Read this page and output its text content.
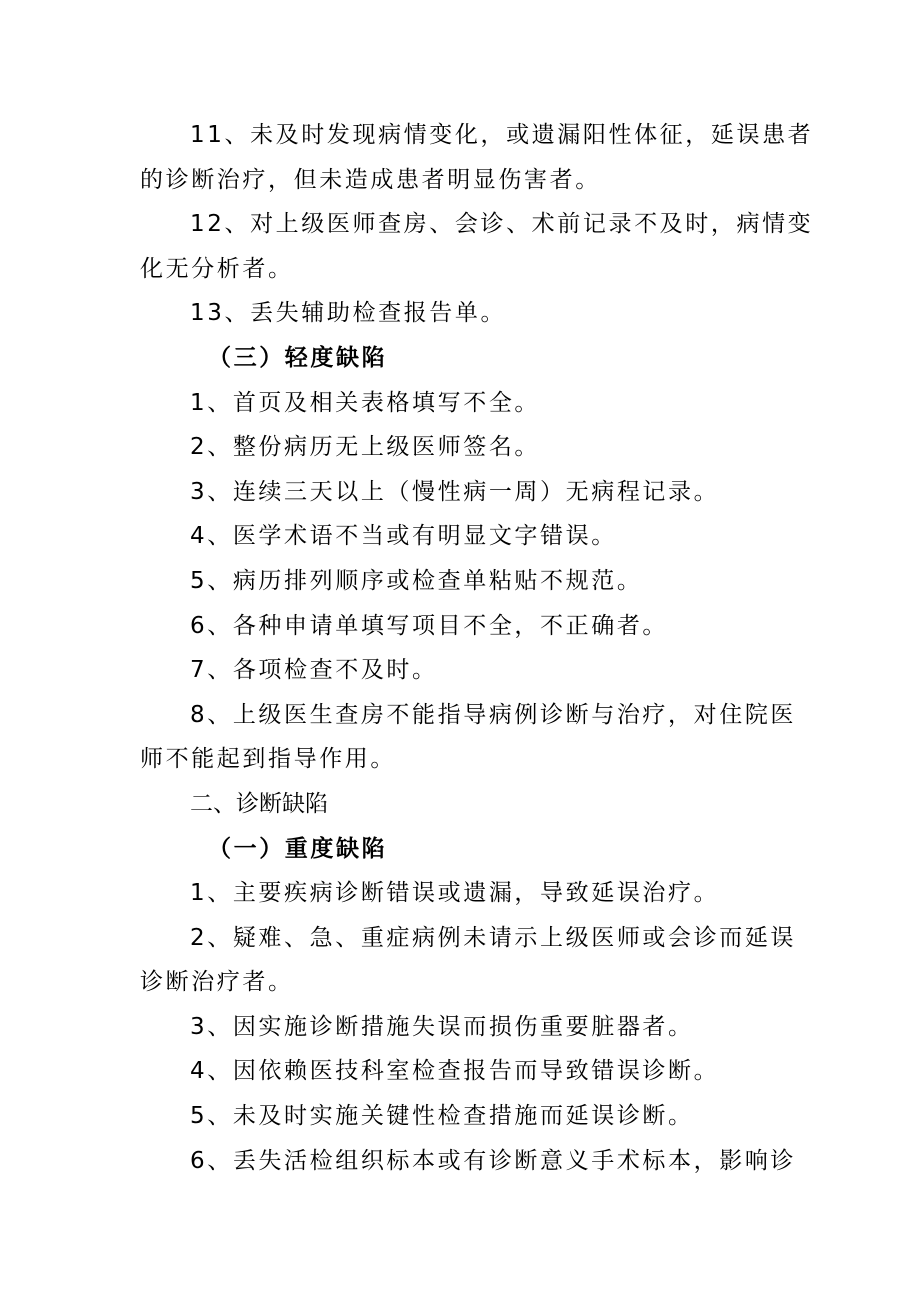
11、未及时发现病情变化，或遗漏阳性体征，延误患者
的诊断治疗，但未造成患者明显伤害者。
12、对上级医师查房、会诊、术前记录不及时，病情变
化无分析者。
13、丢失辅助检查报告单。
（三）轻度缺陷
1、首页及相关表格填写不全。
2、整份病历无上级医师签名。
3、连续三天以上（慢性病一周）无病程记录。
4、医学术语不当或有明显文字错误。
5、病历排列顺序或检查单粘贴不规范。
6、各种申请单填写项目不全，不正确者。
7、各项检查不及时。
8、上级医生查房不能指导病例诊断与治疗，对住院医
师不能起到指导作用。
二、诊断缺陷
（一）重度缺陷
1、主要疾病诊断错误或遗漏，导致延误治疗。
2、疑难、急、重症病例未请示上级医师或会诊而延误
诊断治疗者。
3、因实施诊断措施失误而损伤重要脏器者。
4、因依赖医技科室检查报告而导致错误诊断。
5、未及时实施关键性检查措施而延误诊断。
6、丢失活检组织标本或有诊断意义手术标本，影响诊
